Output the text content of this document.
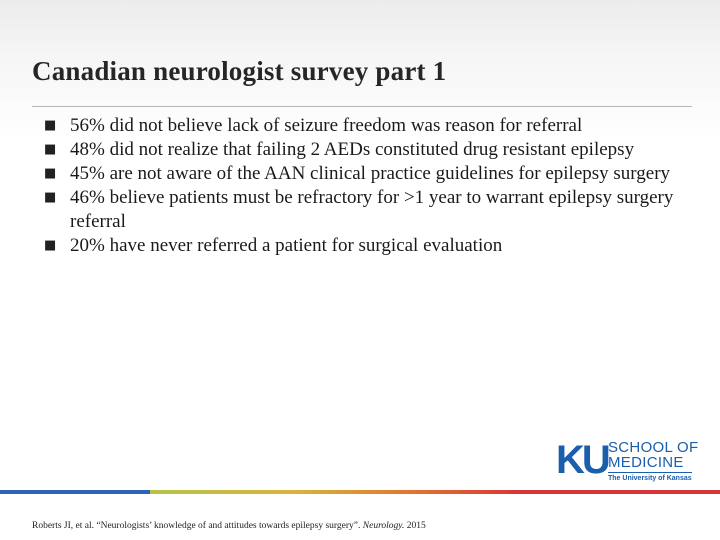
Canadian neurologist survey part 1
■ 56% did not believe lack of seizure freedom was reason for referral
■ 48% did not realize that failing 2 AEDs constituted drug resistant epilepsy
■ 45% are not aware of the AAN clinical practice guidelines for epilepsy surgery
■ 46% believe patients must be refractory for >1 year to warrant epilepsy surgery referral
■ 20% have never referred a patient for surgical evaluation
KU SCHOOL OF
MEDICINE
The University of Kansas
Roberts JI, et al. “Neurologists’ knowledge of and attitudes towards epilepsy surgery”. Neurology. 2015
